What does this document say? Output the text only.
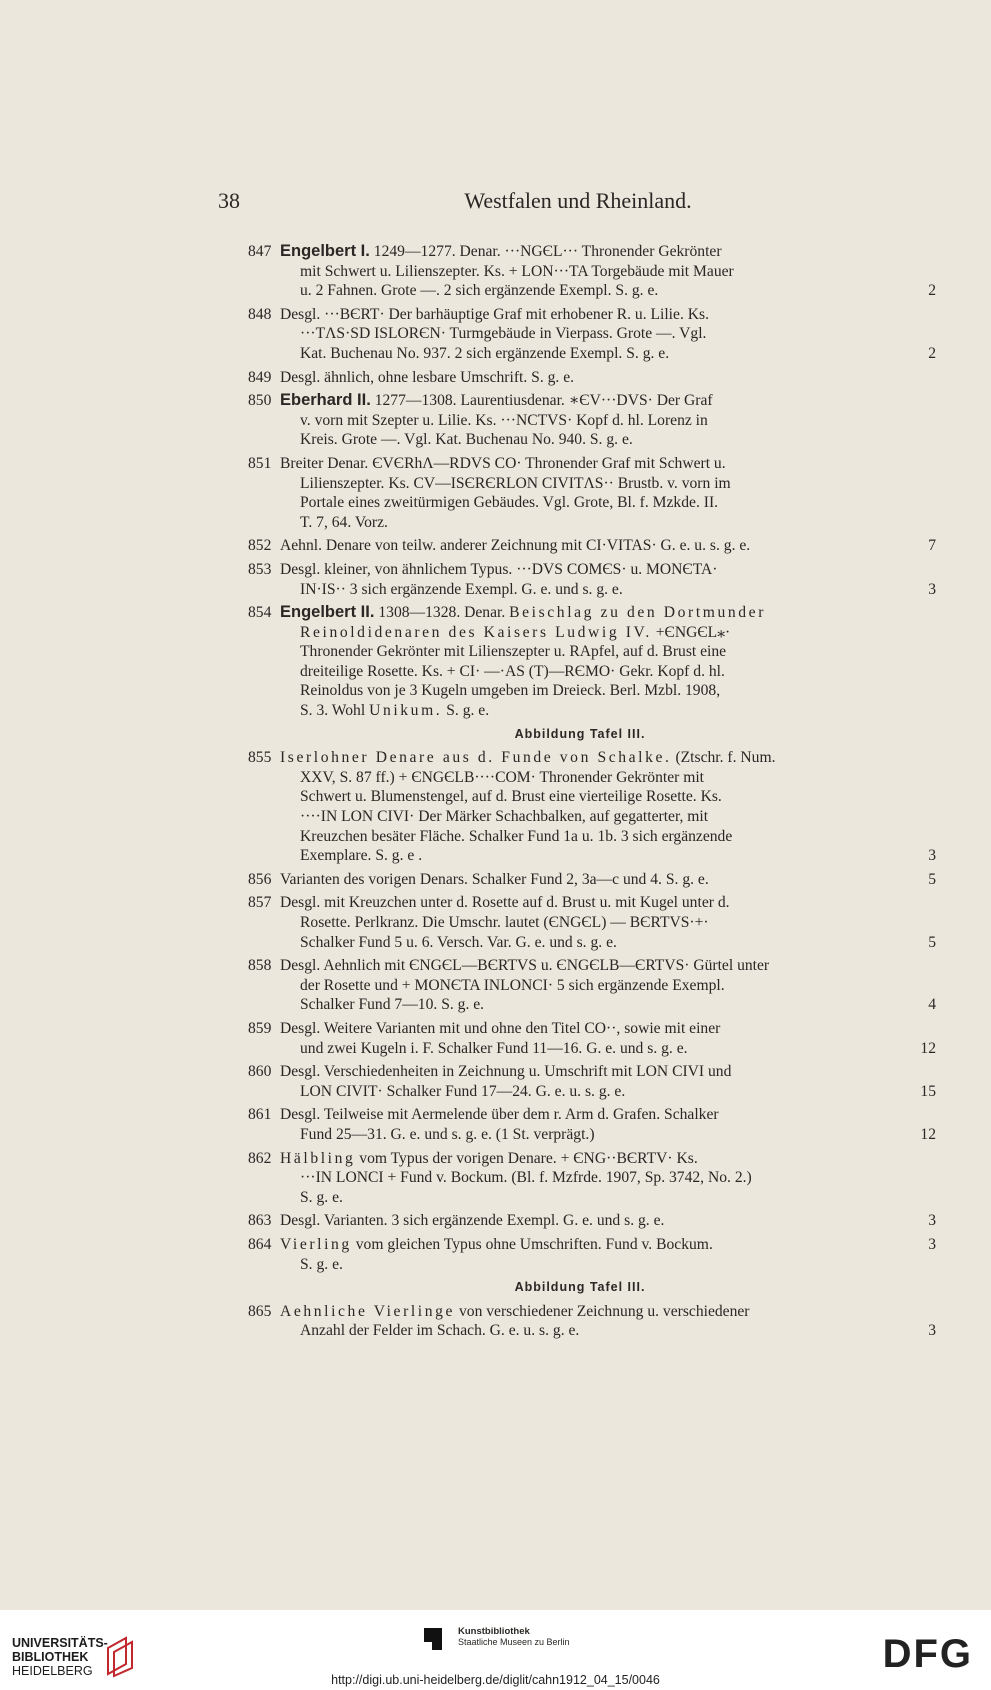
38	Westfalen und Rheinland.
847 Engelbert I. 1249—1277. Denar. ···NGЄL··· Thronender Gekrönter
mit Schwert u. Lilienszepter. Ks. + LON···TA Torgebäude mit Mauer
u. 2 Fahnen. Grote —. 2 sich ergänzende Exempl. S. g. e.	2
848 Desgl. ···BЄRT· Der barhäuptige Graf mit erhobener R. u. Lilie. Ks.
···TΛS·SD ISLORЄN· Turmgebäude in Vierpass. Grote —. Vgl.
Kat. Buchenau No. 937. 2 sich ergänzende Exempl. S. g. e.	2
849 Desgl. ähnlich, ohne lesbare Umschrift. S. g. e.
850 Eberhard II. 1277—1308. Laurentiusdenar. ∗ЄV···DVS· Der Graf
v. vorn mit Szepter u. Lilie. Ks. ···NCTVS· Kopf d. hl. Lorenz in
Kreis. Grote —. Vgl. Kat. Buchenau No. 940. S. g. e.
851 Breiter Denar. ЄVЄRhΛ—RDVS CO· Thronender Graf mit Schwert u.
Lilienszepter. Ks. CV—ISЄRЄRLON CIVITΛS·· Brustb. v. vorn im
Portale eines zweitürmigen Gebäudes. Vgl. Grote, Bl. f. Mzkde. II.
T. 7, 64. Vorz.
852 Aehnl. Denare von teilw. anderer Zeichnung mit CI·VITAS· G. e. u. s. g. e.	7
853 Desgl. kleiner, von ähnlichem Typus. ···DVS COMЄS· u. MONЄTA·
IN·IS·· 3 sich ergänzende Exempl. G. e. und s. g. e.	3
854 Engelbert II. 1308—1328. Denar. Beischlag zu den Dortmunder
Reinoldidenaren des Kaisers Ludwig IV. +ЄNGЄL⁎·
Thronender Gekrönter mit Lilienszepter u. RApfel, auf d. Brust eine
dreiteilige Rosette. Ks. + CI· —·AS (T)—RЄMO· Gekr. Kopf d. hl.
Reinoldus von je 3 Kugeln umgeben im Dreieck. Berl. Mzbl. 1908,
S. 3. Wohl Unikum. S. g. e.
Abbildung Tafel III.
855 Iserlohner Denare aus d. Funde von Schalke. (Ztschr. f. Num.
XXV, S. 87 ff.) + ЄNGЄLB····COM· Thronender Gekrönter mit
Schwert u. Blumenstengel, auf d. Brust eine vierteilige Rosette. Ks.
····IN LON CIVI· Der Märker Schachbalken, auf gegatterter, mit
Kreuzchen besäter Fläche. Schalker Fund 1a u. 1b. 3 sich ergänzende
Exemplare. S. g. e .	3
856 Varianten des vorigen Denars. Schalker Fund 2, 3a—c und 4. S. g. e.	5
857 Desgl. mit Kreuzchen unter d. Rosette auf d. Brust u. mit Kugel unter d.
Rosette. Perlkranz. Die Umschr. lautet (ЄNGЄL) — BЄRTVS·+·
Schalker Fund 5 u. 6. Versch. Var. G. e. und s. g. e.	5
858 Desgl. Aehnlich mit ЄNGЄL—BЄRTVS u. ЄNGЄLB—ЄRTVS· Gürtel unter
der Rosette und + MONЄTA INLONCI· 5 sich ergänzende Exempl.
Schalker Fund 7—10. S. g. e.	4
859 Desgl. Weitere Varianten mit und ohne den Titel CO··, sowie mit einer
und zwei Kugeln i. F. Schalker Fund 11—16. G. e. und s. g. e.	12
860 Desgl. Verschiedenheiten in Zeichnung u. Umschrift mit LON CIVI und
LON CIVIT· Schalker Fund 17—24. G. e. u. s. g. e.	15
861 Desgl. Teilweise mit Aermelende über dem r. Arm d. Grafen. Schalker
Fund 25—31. G. e. und s. g. e. (1 St. verprägt.)	12
862 Hälbling vom Typus der vorigen Denare. + ЄNG··BЄRTV· Ks.
···IN LONCI + Fund v. Bockum. (Bl. f. Mzfrde. 1907, Sp. 3742, No. 2.)
S. g. e.
863 Desgl. Varianten. 3 sich ergänzende Exempl. G. e. und s. g. e.	3
864 Vierling vom gleichen Typus ohne Umschriften. Fund v. Bockum.	3
S. g. e.
Abbildung Tafel III.
865 Aehnliche Vierlinge von verschiedener Zeichnung u. verschiedener
Anzahl der Felder im Schach. G. e. u. s. g. e.	3
UNIVERSITÄTS-
BIBLIOTHEK
HEIDELBERG
Kunstbibliothek
Staatliche Museen zu Berlin	DFG
http://digi.ub.uni-heidelberg.de/diglit/cahn1912_04_15/0046
